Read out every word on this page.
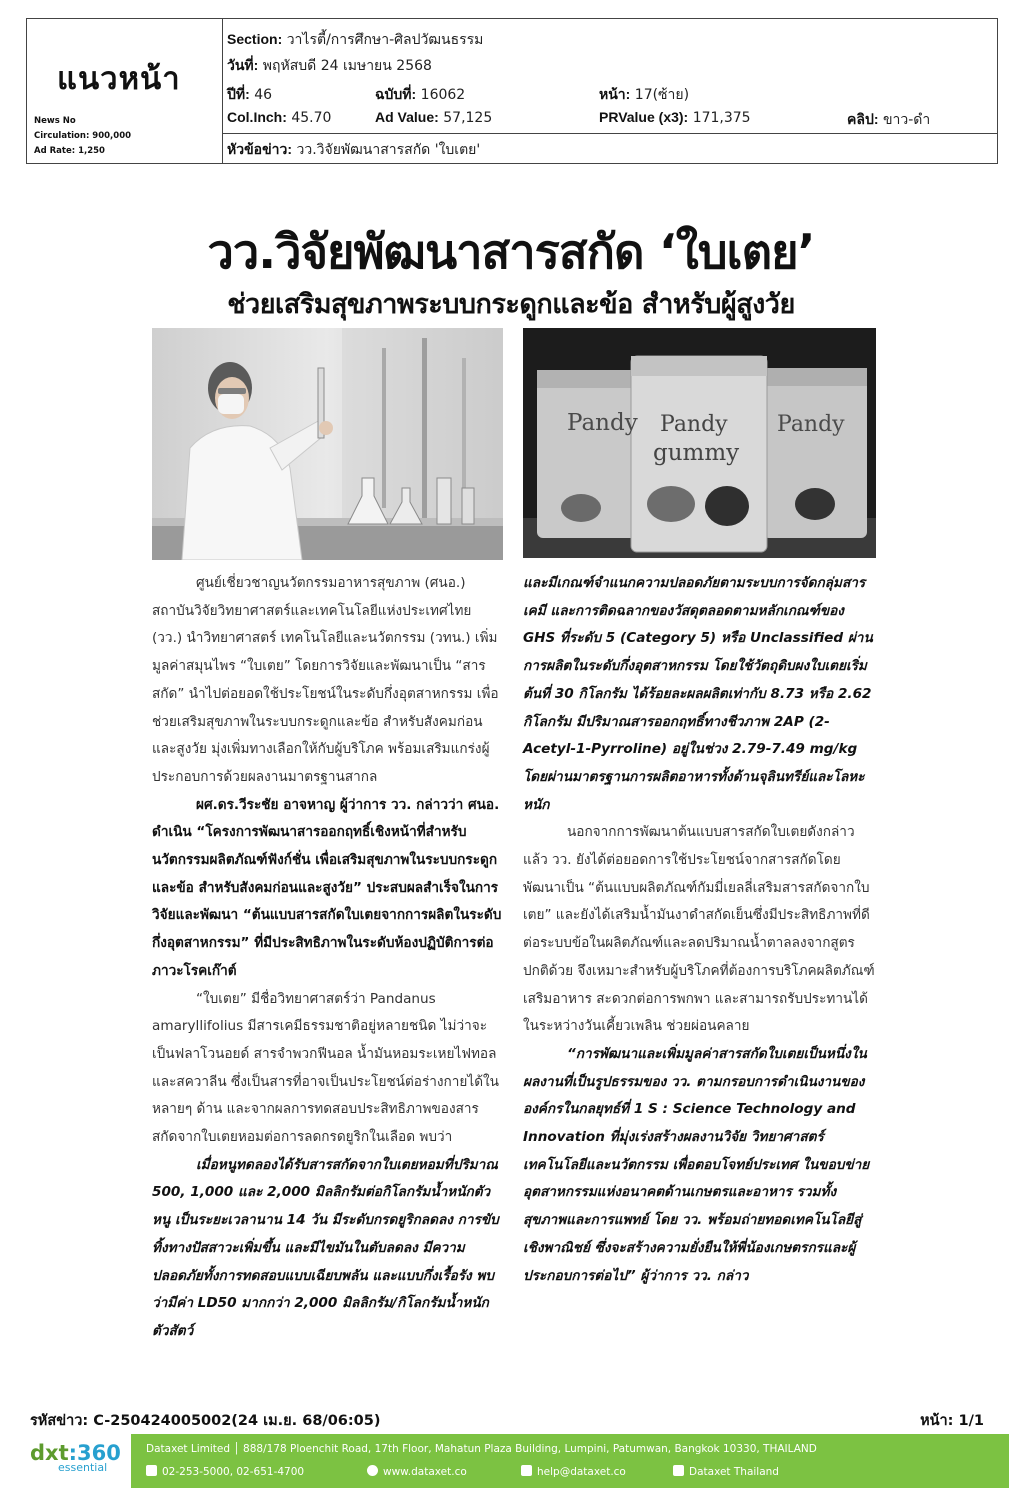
แนวหน้า
News No
Circulation: 900,000
Ad Rate: 1,250
Section: วาไรตี้/การศึกษา-ศิลปวัฒนธรรม
วันที่: พฤหัสบดี 24 เมษายน 2568
ปีที่: 46	ฉบับที่: 16062	หน้า: 17(ซ้าย)
Col.Inch: 45.70	Ad Value: 57,125	PRValue (x3): 171,375	คลิป: ขาว-ดำ
หัวข้อข่าว: วว.วิจัยพัฒนาสารสกัด 'ใบเตย'
วว.วิจัยพัฒนาสารสกัด ‘ใบเตย’
ช่วยเสริมสุขภาพระบบกระดูกและข้อ สำหรับผู้สูงวัย
Pandy Pandy
gummy
Pandy

ศูนย์เชี่ยวชาญนวัตกรรมอาหารสุขภาพ (ศนอ.) สถาบันวิจัยวิทยาศาสตร์และเทคโนโลยีแห่งประเทศไทย (วว.) นำวิทยาศาสตร์ เทคโนโลยีและนวัตกรรม (วทน.) เพิ่มมูลค่าสมุนไพร “ใบเตย” โดยการวิจัยและพัฒนาเป็น “สารสกัด” นำไปต่อยอดใช้ประโยชน์ในระดับกึ่งอุตสาหกรรม เพื่อช่วยเสริมสุขภาพในระบบกระดูกและข้อ สำหรับสังคมก่อนและสูงวัย มุ่งเพิ่มทางเลือกให้กับผู้บริโภค พร้อมเสริมแกร่งผู้ประกอบการด้วยผลงานมาตรฐานสากล

ผศ.ดร.วีระชัย อาจหาญ ผู้ว่าการ วว. กล่าวว่า ศนอ. ดำเนิน “โครงการพัฒนาสารออกฤทธิ์เชิงหน้าที่สำหรับนวัตกรรมผลิตภัณฑ์ฟังก์ชั่น เพื่อเสริมสุขภาพในระบบกระดูกและข้อ สำหรับสังคมก่อนและสูงวัย” ประสบผลสำเร็จในการวิจัยและพัฒนา “ต้นแบบสารสกัดใบเตยจากการผลิตในระดับกึ่งอุตสาหกรรม” ที่มีประสิทธิภาพในระดับห้องปฏิบัติการต่อภาวะโรคเก๊าต์

“ใบเตย” มีชื่อวิทยาศาสตร์ว่า Pandanus amaryllifolius มีสารเคมีธรรมชาติอยู่หลายชนิด ไม่ว่าจะเป็นฟลาโวนอยด์ สารจำพวกฟีนอล น้ำมันหอมระเหยไฟทอลและสควาลีน ซึ่งเป็นสารที่อาจเป็นประโยชน์ต่อร่างกายได้ในหลายๆ ด้าน และจากผลการทดสอบประสิทธิภาพของสารสกัดจากใบเตยหอมต่อการลดกรดยูริกในเลือด พบว่า

เมื่อหนูทดลองได้รับสารสกัดจากใบเตยหอมที่ปริมาณ 500, 1,000 และ 2,000 มิลลิกรัมต่อกิโลกรัมน้ำหนักตัวหนู เป็นระยะเวลานาน 14 วัน มีระดับกรดยูริกลดลง การขับทิ้งทางปัสสาวะเพิ่มขึ้น และมีไขมันในตับลดลง มีความปลอดภัยทั้งการทดสอบแบบเฉียบพลัน และแบบกึ่งเรื้อรัง พบว่ามีค่า LD50 มากกว่า 2,000 มิลลิกรัม/กิโลกรัมน้ำหนักตัวสัตว์

และมีเกณฑ์จำแนกความปลอดภัยตามระบบการจัดกลุ่มสารเคมี และการติดฉลากของวัสดุตลอดตามหลักเกณฑ์ของ GHS ที่ระดับ 5 (Category 5) หรือ Unclassified ผ่านการผลิตในระดับกึ่งอุตสาหกรรม โดยใช้วัตถุดิบผงใบเตยเริ่มต้นที่ 30 กิโลกรัม ได้ร้อยละผลผลิตเท่ากับ 8.73 หรือ 2.62 กิโลกรัม มีปริมาณสารออกฤทธิ์ทางชีวภาพ 2AP (2-Acetyl-1-Pyrroline) อยู่ในช่วง 2.79-7.49 mg/kg โดยผ่านมาตรฐานการผลิตอาหารทั้งด้านจุลินทรีย์และโลหะหนัก

นอกจากการพัฒนาต้นแบบสารสกัดใบเตยดังกล่าวแล้ว วว. ยังได้ต่อยอดการใช้ประโยชน์จากสารสกัดโดยพัฒนาเป็น “ต้นแบบผลิตภัณฑ์กัมมี่เยลลี่เสริมสารสกัดจากใบเตย” และยังได้เสริมน้ำมันงาดำสกัดเย็นซึ่งมีประสิทธิภาพที่ดีต่อระบบข้อในผลิตภัณฑ์และลดปริมาณน้ำตาลลงจากสูตรปกติด้วย จึงเหมาะสำหรับผู้บริโภคที่ต้องการบริโภคผลิตภัณฑ์เสริมอาหาร สะดวกต่อการพกพา และสามารถรับประทานได้ในระหว่างวันเคี้ยวเพลิน ช่วยผ่อนคลาย

“การพัฒนาและเพิ่มมูลค่าสารสกัดใบเตยเป็นหนึ่งในผลงานที่เป็นรูปธรรมของ วว. ตามกรอบการดำเนินงานขององค์กรในกลยุทธ์ที่ 1 S : Science Technology and Innovation ที่มุ่งเร่งสร้างผลงานวิจัย วิทยาศาสตร์ เทคโนโลยีและนวัตกรรม เพื่อตอบโจทย์ประเทศ ในขอบข่ายอุตสาหกรรมแห่งอนาคตด้านเกษตรและอาหาร รวมทั้งสุขภาพและการแพทย์ โดย วว. พร้อมถ่ายทอดเทคโนโลยีสู่เชิงพาณิชย์ ซึ่งจะสร้างความยั่งยืนให้พี่น้องเกษตรกรและผู้ประกอบการต่อไป” ผู้ว่าการ วว. กล่าว

รหัสข่าว: C-250424005002(24 เม.ย. 68/06:05)	หน้า: 1/1
dxt:360
essential
Dataxet Limited │ 888/178 Ploenchit Road, 17th Floor, Mahatun Plaza Building, Lumpini, Patumwan, Bangkok 10330, THAILAND
02-253-5000, 02-651-4700	www.dataxet.co	help@dataxet.co	Dataxet Thailand
